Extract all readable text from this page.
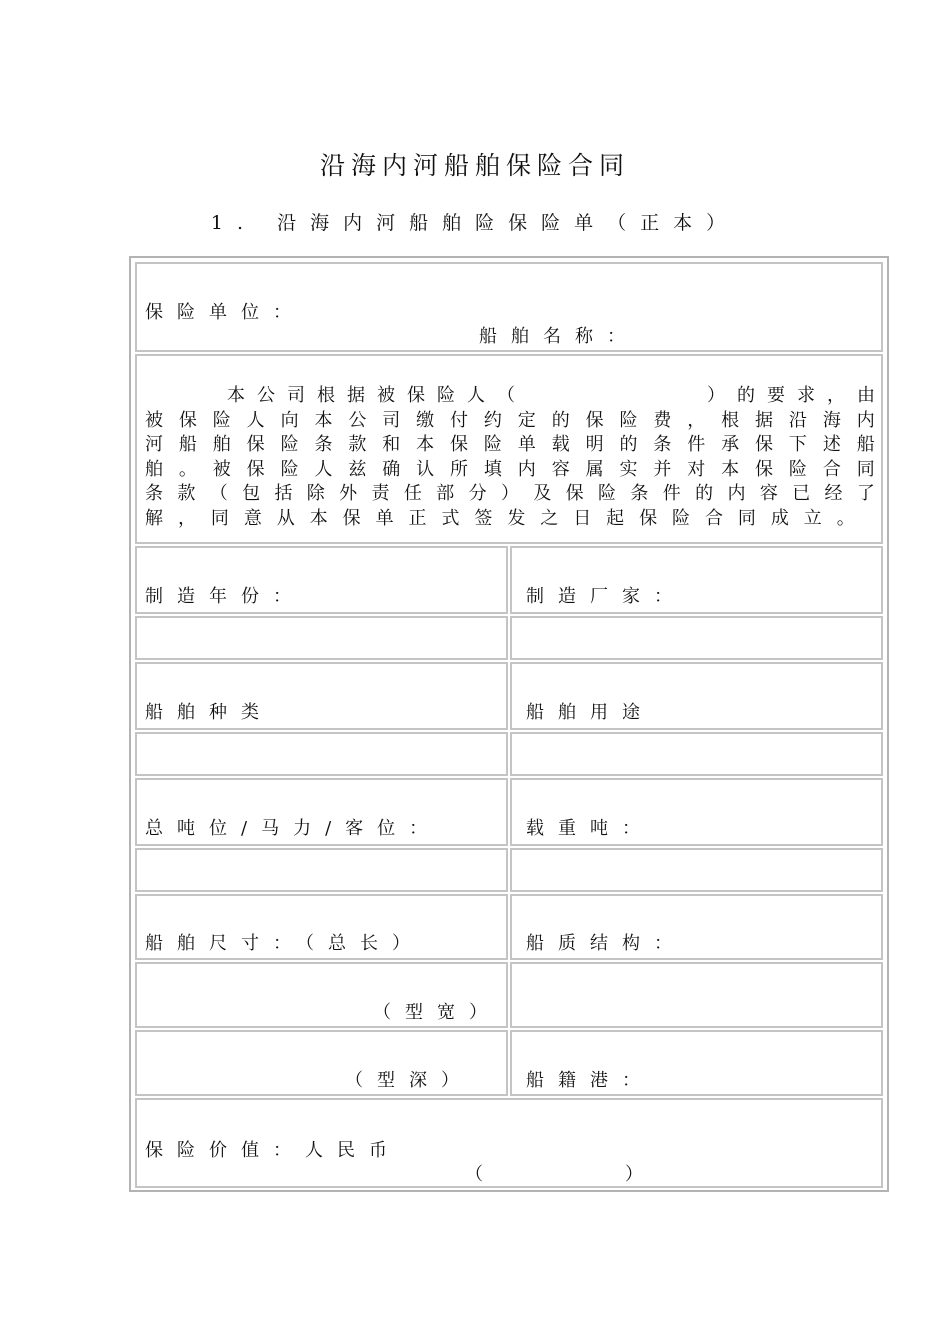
沿海内河船舶保险合同
1. 沿海内河船舶险保险单（正本）
保险单位：
船舶名称：
本 公 司 根 据 被 保 险 人 （

　	） 的 要 求 ， 由
被 保 险 人 向 本 公 司 缴 付 约 定 的 保 险 费 ， 根 据 沿 海 内
河 船 舶 保 险 条 款 和 本 保 险 单 载 明 的 条 件 承 保 下 述 船
舶 。 被 保 险 人 兹 确 认 所 填 内 容 属 实 并 对 本 保 险 合 同
条 款 （ 包 括 除 外 责 任 部 分 ） 及 保 险 条 件 的 内 容 已 经 了
解 ， 同 意 从 本 保 单 正 式 签 发 之 日 起 保 险 合 同 成 立 。
制造年份：	制造厂家：
船舶种类	船舶用途
总吨位/马力/客位：	载重吨：
船舶尺寸：（总长）	船质结构：
（型宽）
（型深）	船籍港：
保险价值：人民币
（　　　　　　　）
